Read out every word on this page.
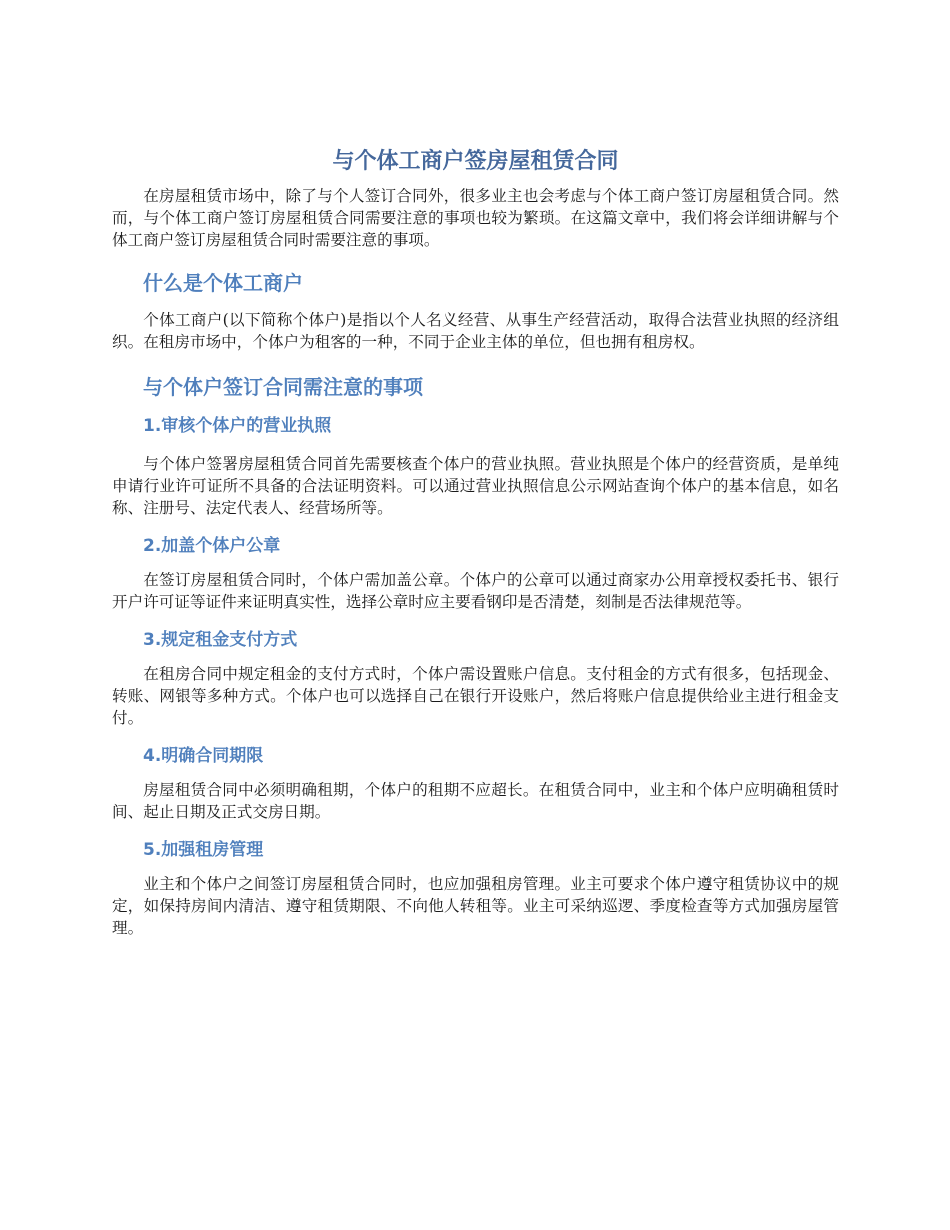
与个体工商户签房屋租赁合同

在房屋租赁市场中，除了与个人签订合同外，很多业主也会考虑与个体工商户签订房屋租赁合同。然而，与个体工商户签订房屋租赁合同需要注意的事项也较为繁琐。在这篇文章中，我们将会详细讲解与个体工商户签订房屋租赁合同时需要注意的事项。

什么是个体工商户

个体工商户(以下简称个体户)是指以个人名义经营、从事生产经营活动，取得合法营业执照的经济组织。在租房市场中，个体户为租客的一种，不同于企业主体的单位，但也拥有租房权。

与个体户签订合同需注意的事项
1.审核个体户的营业执照

与个体户签署房屋租赁合同首先需要核查个体户的营业执照。营业执照是个体户的经营资质，是单纯申请行业许可证所不具备的合法证明资料。可以通过营业执照信息公示网站查询个体户的基本信息，如名称、注册号、法定代表人、经营场所等。

2.加盖个体户公章

在签订房屋租赁合同时，个体户需加盖公章。个体户的公章可以通过商家办公用章授权委托书、银行开户许可证等证件来证明真实性，选择公章时应主要看钢印是否清楚，刻制是否法律规范等。

3.规定租金支付方式

在租房合同中规定租金的支付方式时，个体户需设置账户信息。支付租金的方式有很多，包括现金、转账、网银等多种方式。个体户也可以选择自己在银行开设账户，然后将账户信息提供给业主进行租金支付。

4.明确合同期限

房屋租赁合同中必须明确租期，个体户的租期不应超长。在租赁合同中，业主和个体户应明确租赁时间、起止日期及正式交房日期。

5.加强租房管理

业主和个体户之间签订房屋租赁合同时，也应加强租房管理。业主可要求个体户遵守租赁协议中的规定，如保持房间内清洁、遵守租赁期限、不向他人转租等。业主可采纳巡逻、季度检查等方式加强房屋管理。
